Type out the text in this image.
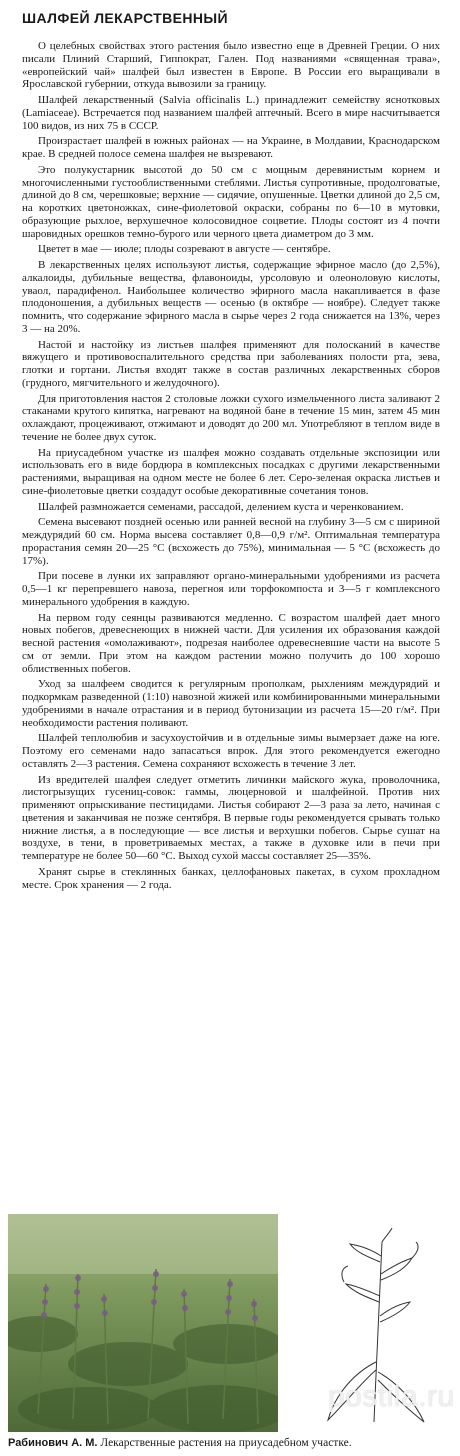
ШАЛФЕЙ ЛЕКАРСТВЕННЫЙ

О целебных свойствах этого растения было известно еще в Древней Греции. О них писали Плиний Старший, Гиппократ, Гален. Под названиями «священная трава», «европейский чай» шалфей был известен в Европе. В России его выращивали в Ярославской губернии, откуда вывозили за границу.

Шалфей лекарственный (Salvia officinalis L.) принадлежит семейству яснотковых (Lamiaceae). Встречается под названием шалфей аптечный. Всего в мире насчитывается 100 видов, из них 75 в СССР.

Произрастает шалфей в южных районах — на Украине, в Молдавии, Краснодарском крае. В средней полосе семена шалфея не вызревают.

Это полукустарник высотой до 50 см с мощным деревянистым корнем и многочисленными густооблиственными стеблями. Листья супротивные, продолговатые, длиной до 8 см, черешковые; верхние — сидячие, опушенные. Цветки длиной до 2,5 см, на коротких цветоножках, сине-фиолетовой окраски, собраны по 6—10 в мутовки, образующие рыхлое, верхушечное колосовидное соцветие. Плоды состоят из 4 почти шаровидных орешков темно-бурого или черного цвета диаметром до 3 мм.

Цветет в мае — июле; плоды созревают в августе — сентябре.

В лекарственных целях используют листья, содержащие эфирное масло (до 2,5%), алкалоиды, дубильные вещества, флавоноиды, урсоловую и олеоноловую кислоты, уваол, парадифенол. Наибольшее количество эфирного масла накапливается в фазе плодоношения, а дубильных веществ — осенью (в октябре — ноябре). Следует также помнить, что содержание эфирного масла в сырье через 2 года снижается на 13%, через 3 — на 20%.

Настой и настойку из листьев шалфея применяют для полосканий в качестве вяжущего и противовоспалительного средства при заболеваниях полости рта, зева, глотки и гортани. Листья входят также в состав различных лекарственных сборов (грудного, мягчительного и желудочного).

Для приготовления настоя 2 столовые ложки сухого измельченного листа заливают 2 стаканами крутого кипятка, нагревают на водяной бане в течение 15 мин, затем 45 мин охлаждают, процеживают, отжимают и доводят до 200 мл. Употребляют в теплом виде в течение не более двух суток.

На приусадебном участке из шалфея можно создавать отдельные экспозиции или использовать его в виде бордюра в комплексных посадках с другими лекарственными растениями, выращивая на одном месте не более 6 лет. Серо-зеленая окраска листьев и сине-фиолетовые цветки создадут особые декоративные сочетания тонов.

Шалфей размножается семенами, рассадой, делением куста и черенкованием.

Семена высевают поздней осенью или ранней весной на глубину 3—5 см с шириной междурядий 60 см. Норма высева составляет 0,8—0,9 г/м². Оптимальная температура прорастания семян 20—25 °С (всхожесть до 75%), минимальная — 5 °С (всхожесть до 17%).

При посеве в лунки их заправляют органо-минеральными удобрениями из расчета 0,5—1 кг перепревшего навоза, перегноя или торфокомпоста и 3—5 г комплексного минерального удобрения в каждую.

На первом году сеянцы развиваются медленно. С возрастом шалфей дает много новых побегов, древеснеющих в нижней части. Для усиления их образования каждой весной растения «омолаживают», подрезая наиболее одревесневшие части на высоте 5 см от земли. При этом на каждом растении можно получить до 100 хорошо облиственных побегов.

Уход за шалфеем сводится к регулярным прополкам, рыхлениям междурядий и подкормкам разведенной (1:10) навозной жижей или комбинированными минеральными удобрениями в начале отрастания и в период бутонизации из расчета 15—20 г/м². При необходимости растения поливают.

Шалфей теплолюбив и засухоустойчив и в отдельные зимы вымерзает даже на юге. Поэтому его семенами надо запасаться впрок. Для этого рекомендуется ежегодно оставлять 2—3 растения. Семена сохраняют всхожесть в течение 3 лет.

Из вредителей шалфея следует отметить личинки майского жука, проволочника, листогрызущих гусениц-совок: гаммы, люцерновой и шалфейной. Против них применяют опрыскивание пестицидами. Листья собирают 2—3 раза за лето, начиная с цветения и заканчивая не позже сентября. В первые годы рекомендуется срывать только нижние листья, а в последующие — все листья и верхушки побегов. Сырье сушат на воздухе, в тени, в проветриваемых местах, а также в духовке или в печи при температуре не более 50—60 °С. Выход сухой массы составляет 25—35%.

Хранят сырье в стеклянных банках, целлофановых пакетах, в сухом прохладном месте. Срок хранения — 2 года.

postila.ru
Рабинович А. М. Лекарственные растения на приусадебном участке.
